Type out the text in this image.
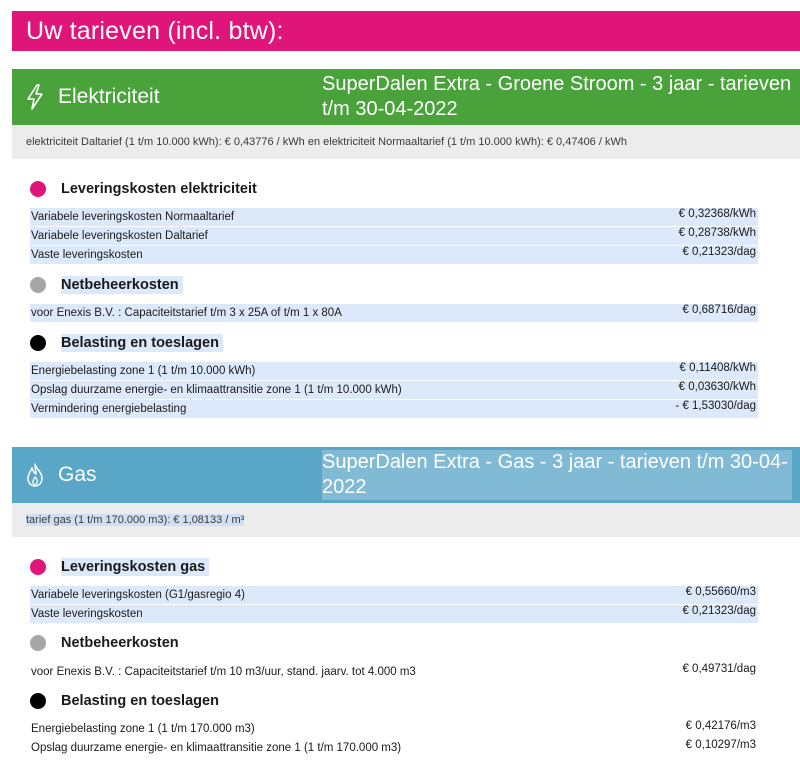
Uw tarieven (incl. btw):
Elektriciteit
SuperDalen Extra - Groene Stroom - 3 jaar - tarieven t/m 30-04-2022
elektriciteit Daltarief (1 t/m 10.000 kWh): € 0,43776 / kWh en elektriciteit Normaaltarief (1 t/m 10.000 kWh): € 0,47406 / kWh
Leveringskosten elektriciteit
Variabele leveringskosten Normaaltarief	€ 0,32368/kWh
Variabele leveringskosten Daltarief	€ 0,28738/kWh
Vaste leveringskosten	€ 0,21323/dag
Netbeheerkosten
voor Enexis B.V. : Capaciteitstarief t/m 3 x 25A of t/m 1 x 80A	€ 0,68716/dag
Belasting en toeslagen
Energiebelasting zone 1 (1 t/m 10.000 kWh)	€ 0,11408/kWh
Opslag duurzame energie- en klimaattransitie zone 1 (1 t/m 10.000 kWh)	€ 0,03630/kWh
Vermindering energiebelasting	- € 1,53030/dag
Gas
SuperDalen Extra - Gas - 3 jaar - tarieven t/m 30-04-2022
tarief gas (1 t/m 170.000 m3): € 1,08133 / m³
Leveringskosten gas
Variabele leveringskosten (G1/gasregio 4)	€ 0,55660/m3
Vaste leveringskosten	€ 0,21323/dag
Netbeheerkosten
voor Enexis B.V. : Capaciteitstarief t/m 10 m3/uur, stand. jaarv. tot 4.000 m3	€ 0,49731/dag
Belasting en toeslagen
Energiebelasting zone 1 (1 t/m 170.000 m3)	€ 0,42176/m3
Opslag duurzame energie- en klimaattransitie zone 1 (1 t/m 170.000 m3)	€ 0,10297/m3
